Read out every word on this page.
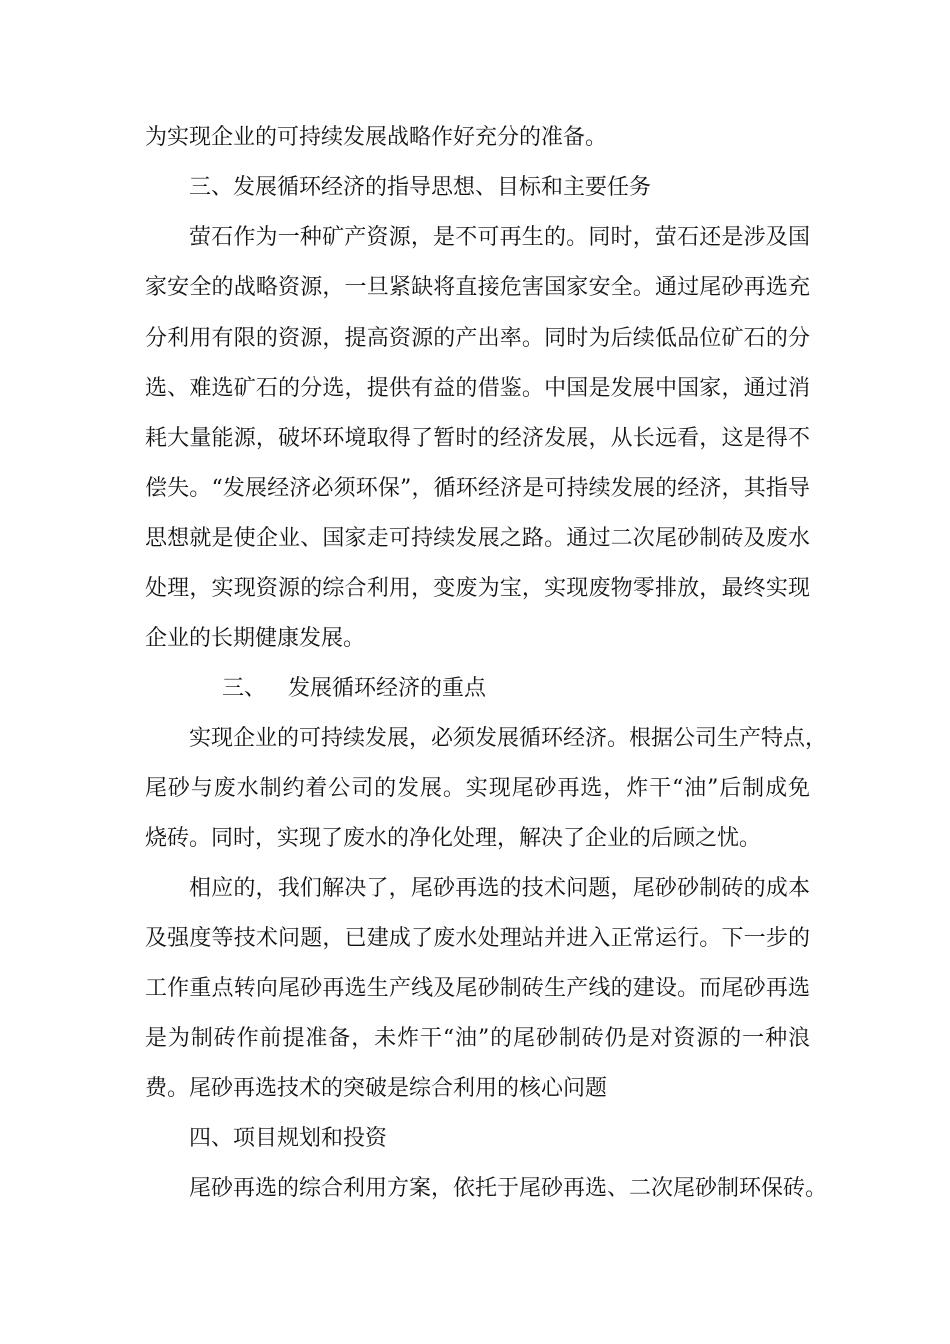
为实现企业的可持续发展战略作好充分的准备。
三、发展循环经济的指导思想、目标和主要任务
萤石作为一种矿产资源，是不可再生的。同时，萤石还是涉及国
家安全的战略资源，一旦紧缺将直接危害国家安全。通过尾砂再选充
分利用有限的资源，提高资源的产出率。同时为后续低品位矿石的分
选、难选矿石的分选，提供有益的借鉴。中国是发展中国家，通过消
耗大量能源，破坏环境取得了暂时的经济发展，从长远看，这是得不
偿失。“发展经济必须环保”，循环经济是可持续发展的经济，其指导
思想就是使企业、国家走可持续发展之路。通过二次尾砂制砖及废水
处理，实现资源的综合利用，变废为宝，实现废物零排放，最终实现
企业的长期健康发展。
三、 发展循环经济的重点
实现企业的可持续发展，必须发展循环经济。根据公司生产特点，
尾砂与废水制约着公司的发展。实现尾砂再选，炸干“油”后制成免
烧砖。同时，实现了废水的净化处理，解决了企业的后顾之忧。
相应的，我们解决了，尾砂再选的技术问题，尾砂砂制砖的成本
及强度等技术问题，已建成了废水处理站并进入正常运行。下一步的
工作重点转向尾砂再选生产线及尾砂制砖生产线的建设。而尾砂再选
是为制砖作前提准备，未炸干“油”的尾砂制砖仍是对资源的一种浪
费。尾砂再选技术的突破是综合利用的核心问题
四、项目规划和投资
尾砂再选的综合利用方案，依托于尾砂再选、二次尾砂制环保砖。
